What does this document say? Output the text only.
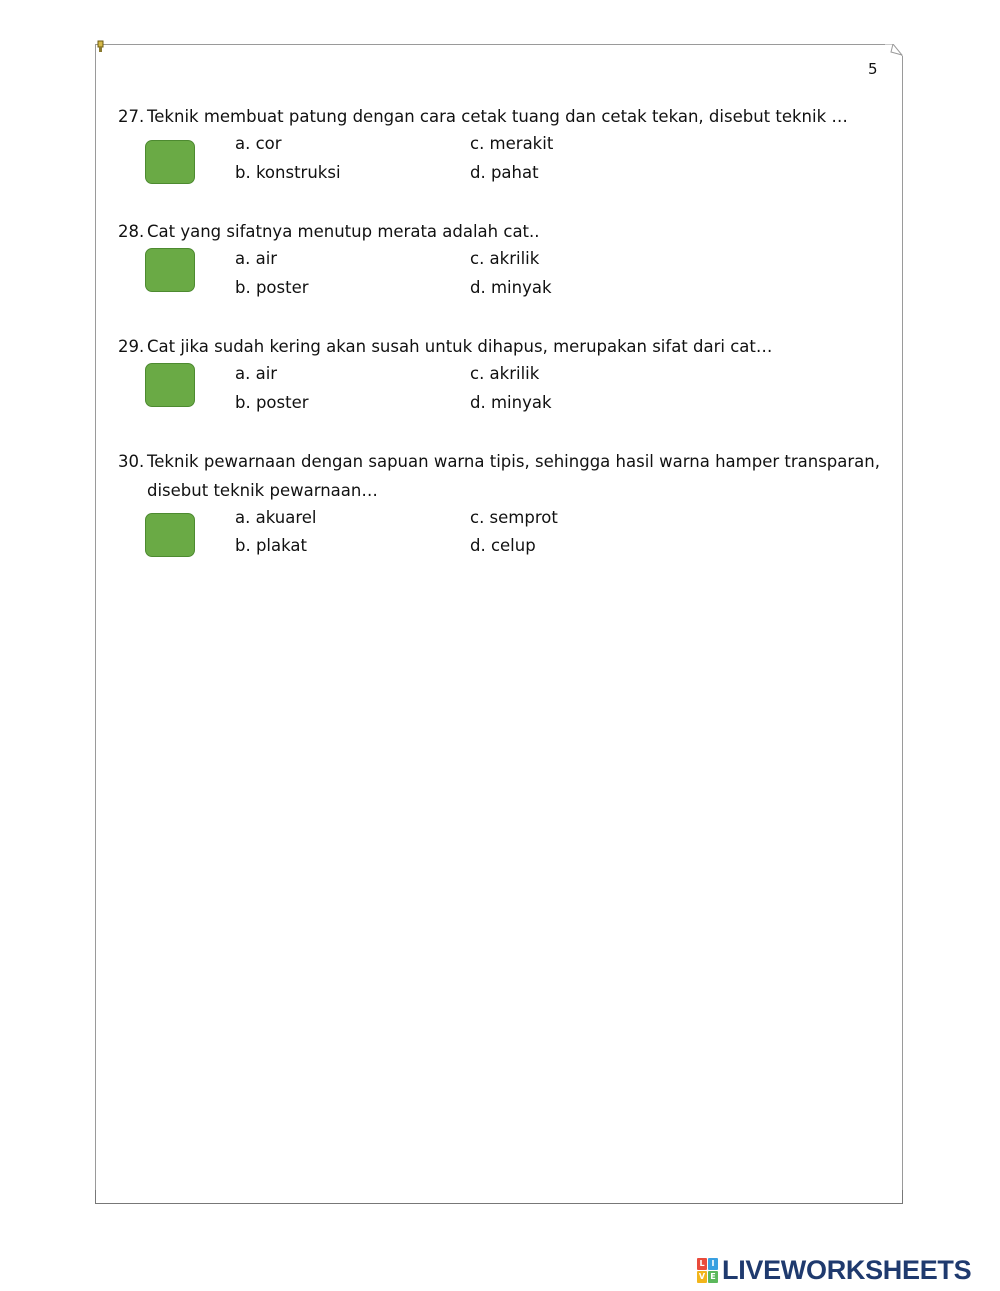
5
27. Teknik membuat patung dengan cara cetak tuang dan cetak tekan, disebut teknik …
a. cor	c. merakit
b. konstruksi	d. pahat
28. Cat yang sifatnya menutup merata adalah cat..
a. air	c. akrilik
b. poster	d. minyak
29. Cat jika sudah kering akan susah untuk dihapus, merupakan sifat dari cat…
a. air	c. akrilik
b. poster	d. minyak
30. Teknik pewarnaan dengan sapuan warna tipis, sehingga hasil warna hamper transparan, disebut teknik pewarnaan…
a. akuarel	c. semprot
b. plakat	d. celup
L I
V E LIVEWORKSHEETS
